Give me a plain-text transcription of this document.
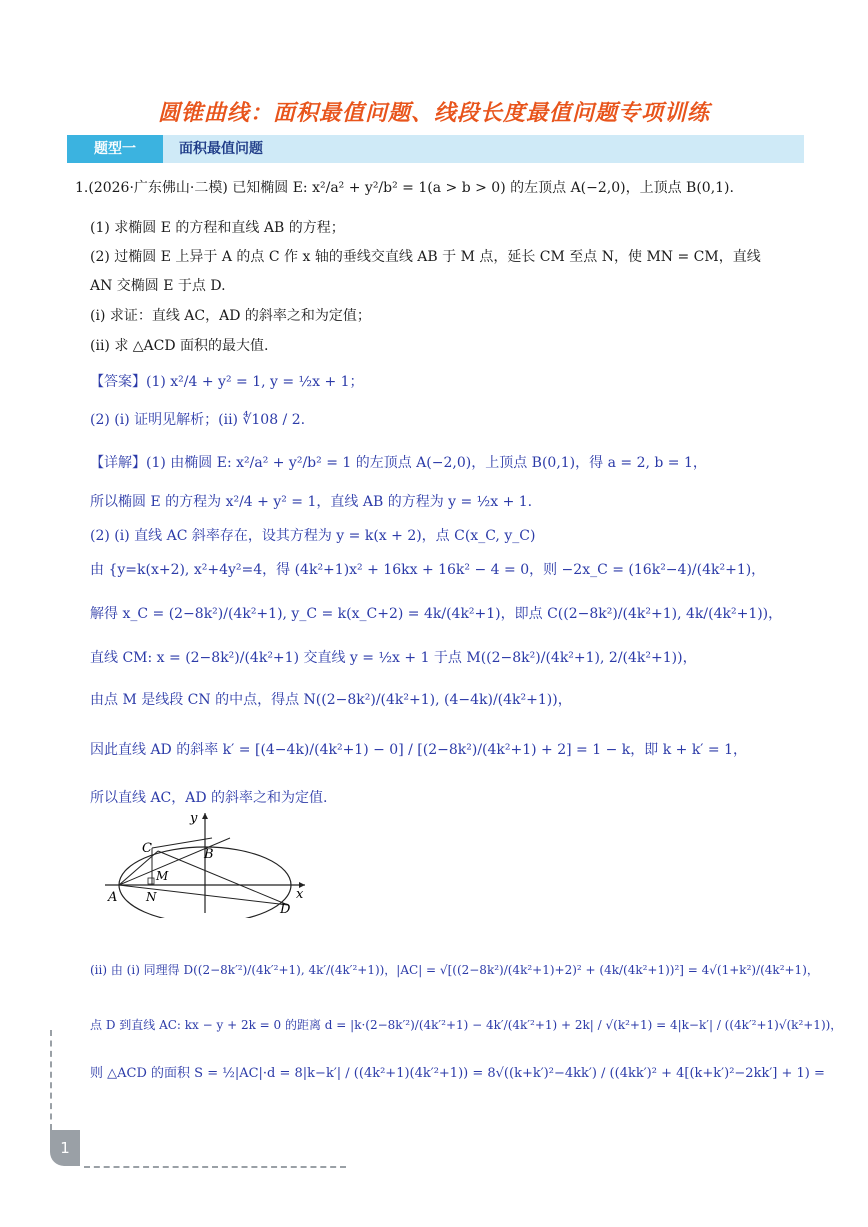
圆锥曲线：面积最值问题、线段长度最值问题专项训练
题型一	面积最值问题
1.(2026·广东佛山·二模) 已知椭圆 E: x²/a² + y²/b² = 1(a > b > 0) 的左顶点 A(−2,0)，上顶点 B(0,1).
(1) 求椭圆 E 的方程和直线 AB 的方程；
(2) 过椭圆 E 上异于 A 的点 C 作 x 轴的垂线交直线 AB 于 M 点，延长 CM 至点 N，使 MN = CM，直线
AN 交椭圆 E 于点 D.
(i) 求证：直线 AC，AD 的斜率之和为定值；
(ii) 求 △ACD 面积的最大值.
【答案】(1) x²/4 + y² = 1, y = ½x + 1；
(2) (i) 证明见解析；(ii) ∜108 / 2.
【详解】(1) 由椭圆 E: x²/a² + y²/b² = 1 的左顶点 A(−2,0)，上顶点 B(0,1)，得 a = 2, b = 1，
所以椭圆 E 的方程为 x²/4 + y² = 1，直线 AB 的方程为 y = ½x + 1.
(2) (i) 直线 AC 斜率存在，设其方程为 y = k(x + 2)，点 C(x_C, y_C)
由 {y=k(x+2), x²+4y²=4，得 (4k²+1)x² + 16kx + 16k² − 4 = 0，则 −2x_C = (16k²−4)/(4k²+1)，
解得 x_C = (2−8k²)/(4k²+1), y_C = k(x_C+2) = 4k/(4k²+1)，即点 C((2−8k²)/(4k²+1), 4k/(4k²+1))，
直线 CM: x = (2−8k²)/(4k²+1) 交直线 y = ½x + 1 于点 M((2−8k²)/(4k²+1), 2/(4k²+1))，
由点 M 是线段 CN 的中点，得点 N((2−8k²)/(4k²+1), (4−4k)/(4k²+1))，
因此直线 AD 的斜率 k′ = [(4−4k)/(4k²+1) − 0] / [(2−8k²)/(4k²+1) + 2] = 1 − k，即 k + k′ = 1，
所以直线 AC，AD 的斜率之和为定值.
y
x
C	B
M
N
A
D
(ii) 由 (i) 同理得 D((2−8k′²)/(4k′²+1), 4k′/(4k′²+1))，|AC| = √[((2−8k²)/(4k²+1)+2)² + (4k/(4k²+1))²] = 4√(1+k²)/(4k²+1)，
点 D 到直线 AC: kx − y + 2k = 0 的距离 d = |k·(2−8k′²)/(4k′²+1) − 4k′/(4k′²+1) + 2k| / √(k²+1) = 4|k−k′| / ((4k′²+1)√(k²+1))，
则 △ACD 的面积 S = ½|AC|·d = 8|k−k′| / ((4k²+1)(4k′²+1)) = 8√((k+k′)²−4kk′) / ((4kk′)² + 4[(k+k′)²−2kk′] + 1) =
1
